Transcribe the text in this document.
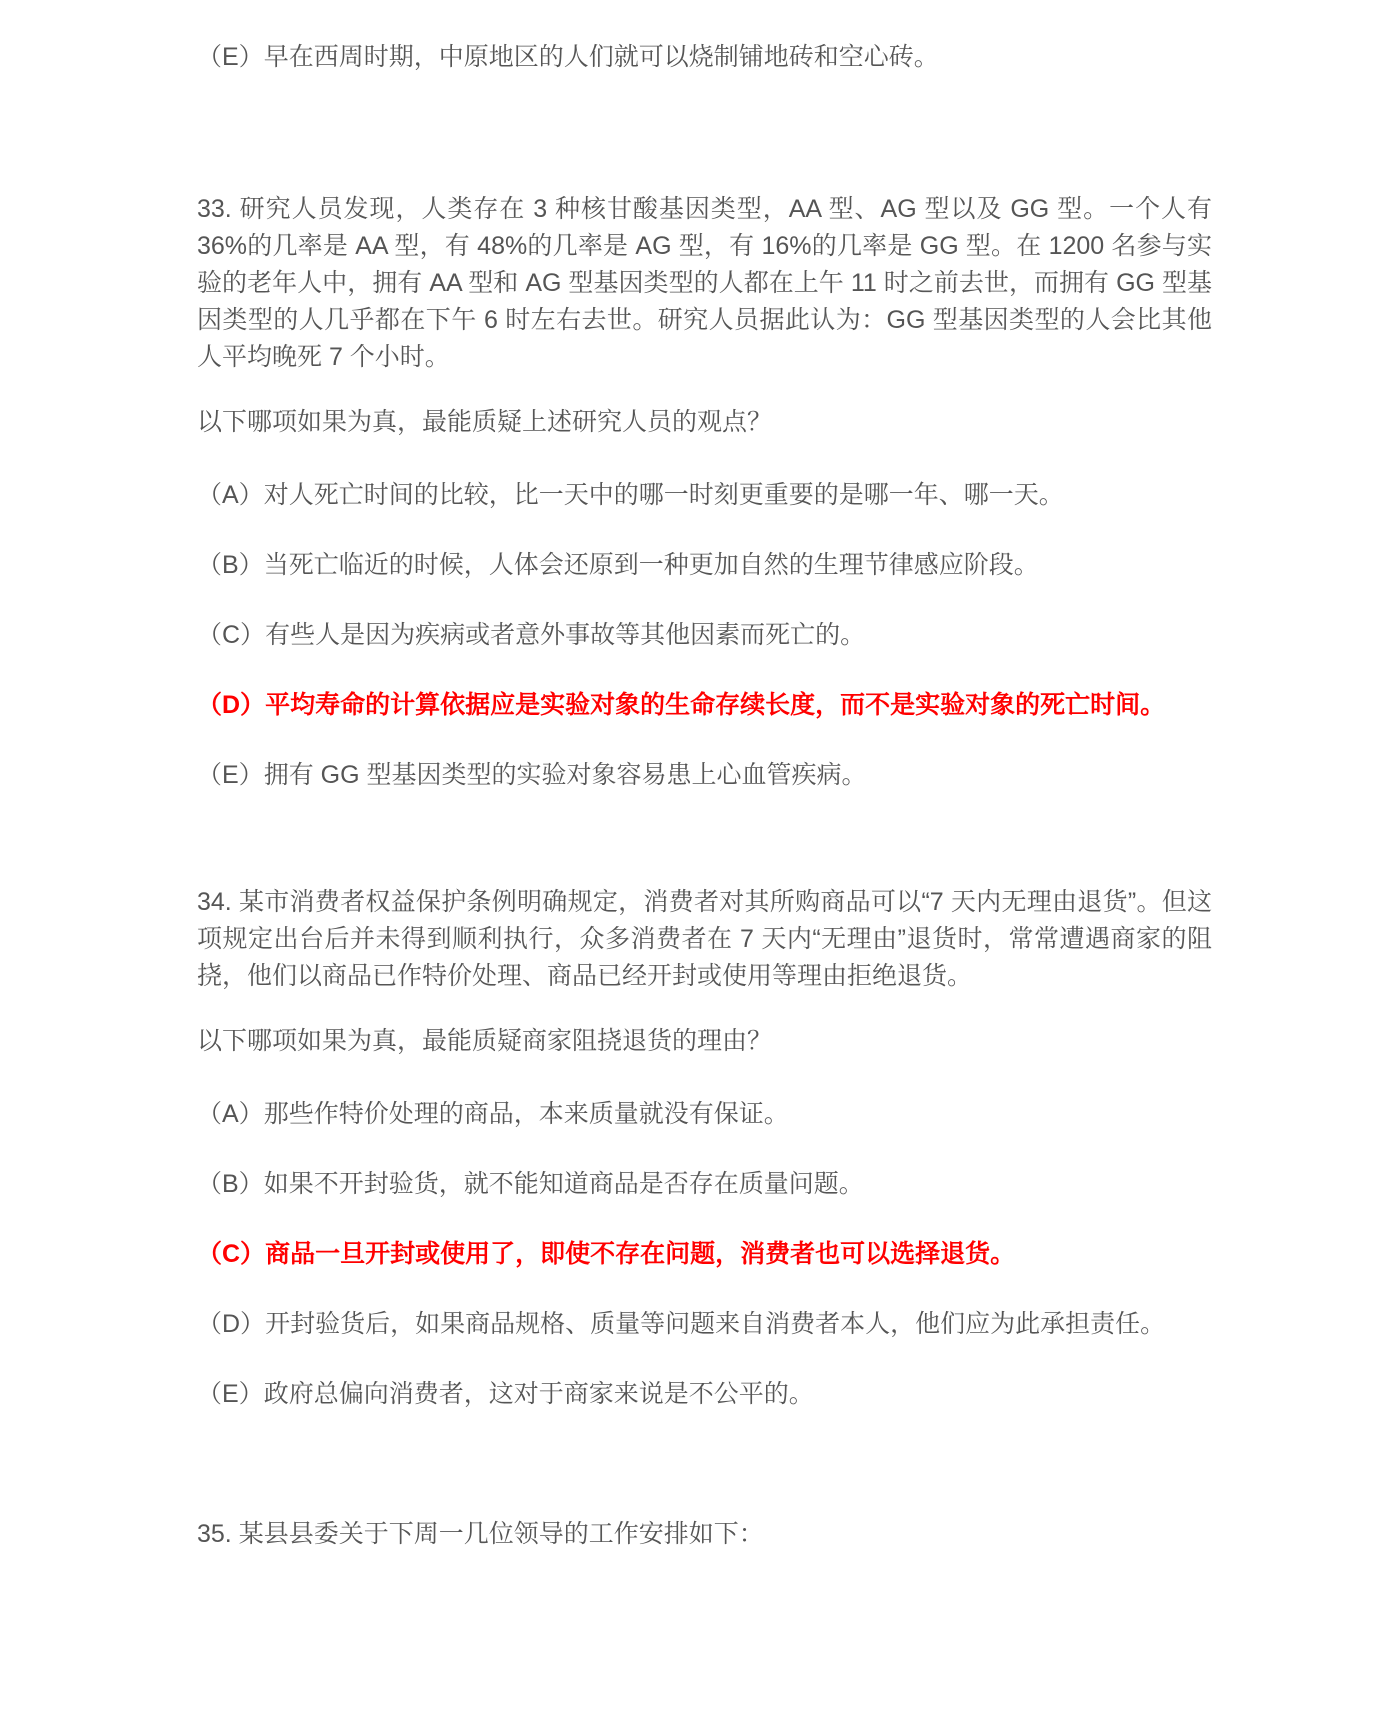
（E） 早在西周时期，中原地区的人们就可以烧制铺地砖和空心砖。

33. 研究人员发现，人类存在 3 种核甘酸基因类型，AA 型、AG 型以及 GG 型。一个人有 36%的几率是 AA 型，有 48%的几率是 AG 型，有 16%的几率是 GG 型。在 1200 名参与实验的老年人中，拥有 AA 型和 AG 型基因类型的人都在上午 11 时之前去世，而拥有 GG 型基因类型的人几乎都在下午 6 时左右去世。研究人员据此认为：GG 型基因类型的人会比其他人平均晚死 7 个小时。

以下哪项如果为真，最能质疑上述研究人员的观点？

（A） 对人死亡时间的比较，比一天中的哪一时刻更重要的是哪一年、哪一天。
（B） 当死亡临近的时候，人体会还原到一种更加自然的生理节律感应阶段。
（C） 有些人是因为疾病或者意外事故等其他因素而死亡的。
（D） 平均寿命的计算依据应是实验对象的生命存续长度，而不是实验对象的死亡时间。
（E） 拥有 GG 型基因类型的实验对象容易患上心血管疾病。

34. 某市消费者权益保护条例明确规定，消费者对其所购商品可以“7 天内无理由退货”。但这项规定出台后并未得到顺利执行，众多消费者在 7 天内“无理由”退货时，常常遭遇商家的阻挠，他们以商品已作特价处理、商品已经开封或使用等理由拒绝退货。

以下哪项如果为真，最能质疑商家阻挠退货的理由？

（A） 那些作特价处理的商品，本来质量就没有保证。
（B） 如果不开封验货，就不能知道商品是否存在质量问题。
（C） 商品一旦开封或使用了，即使不存在问题，消费者也可以选择退货。
（D） 开封验货后，如果商品规格、质量等问题来自消费者本人，他们应为此承担责任。
（E） 政府总偏向消费者，这对于商家来说是不公平的。

35. 某县县委关于下周一几位领导的工作安排如下：
